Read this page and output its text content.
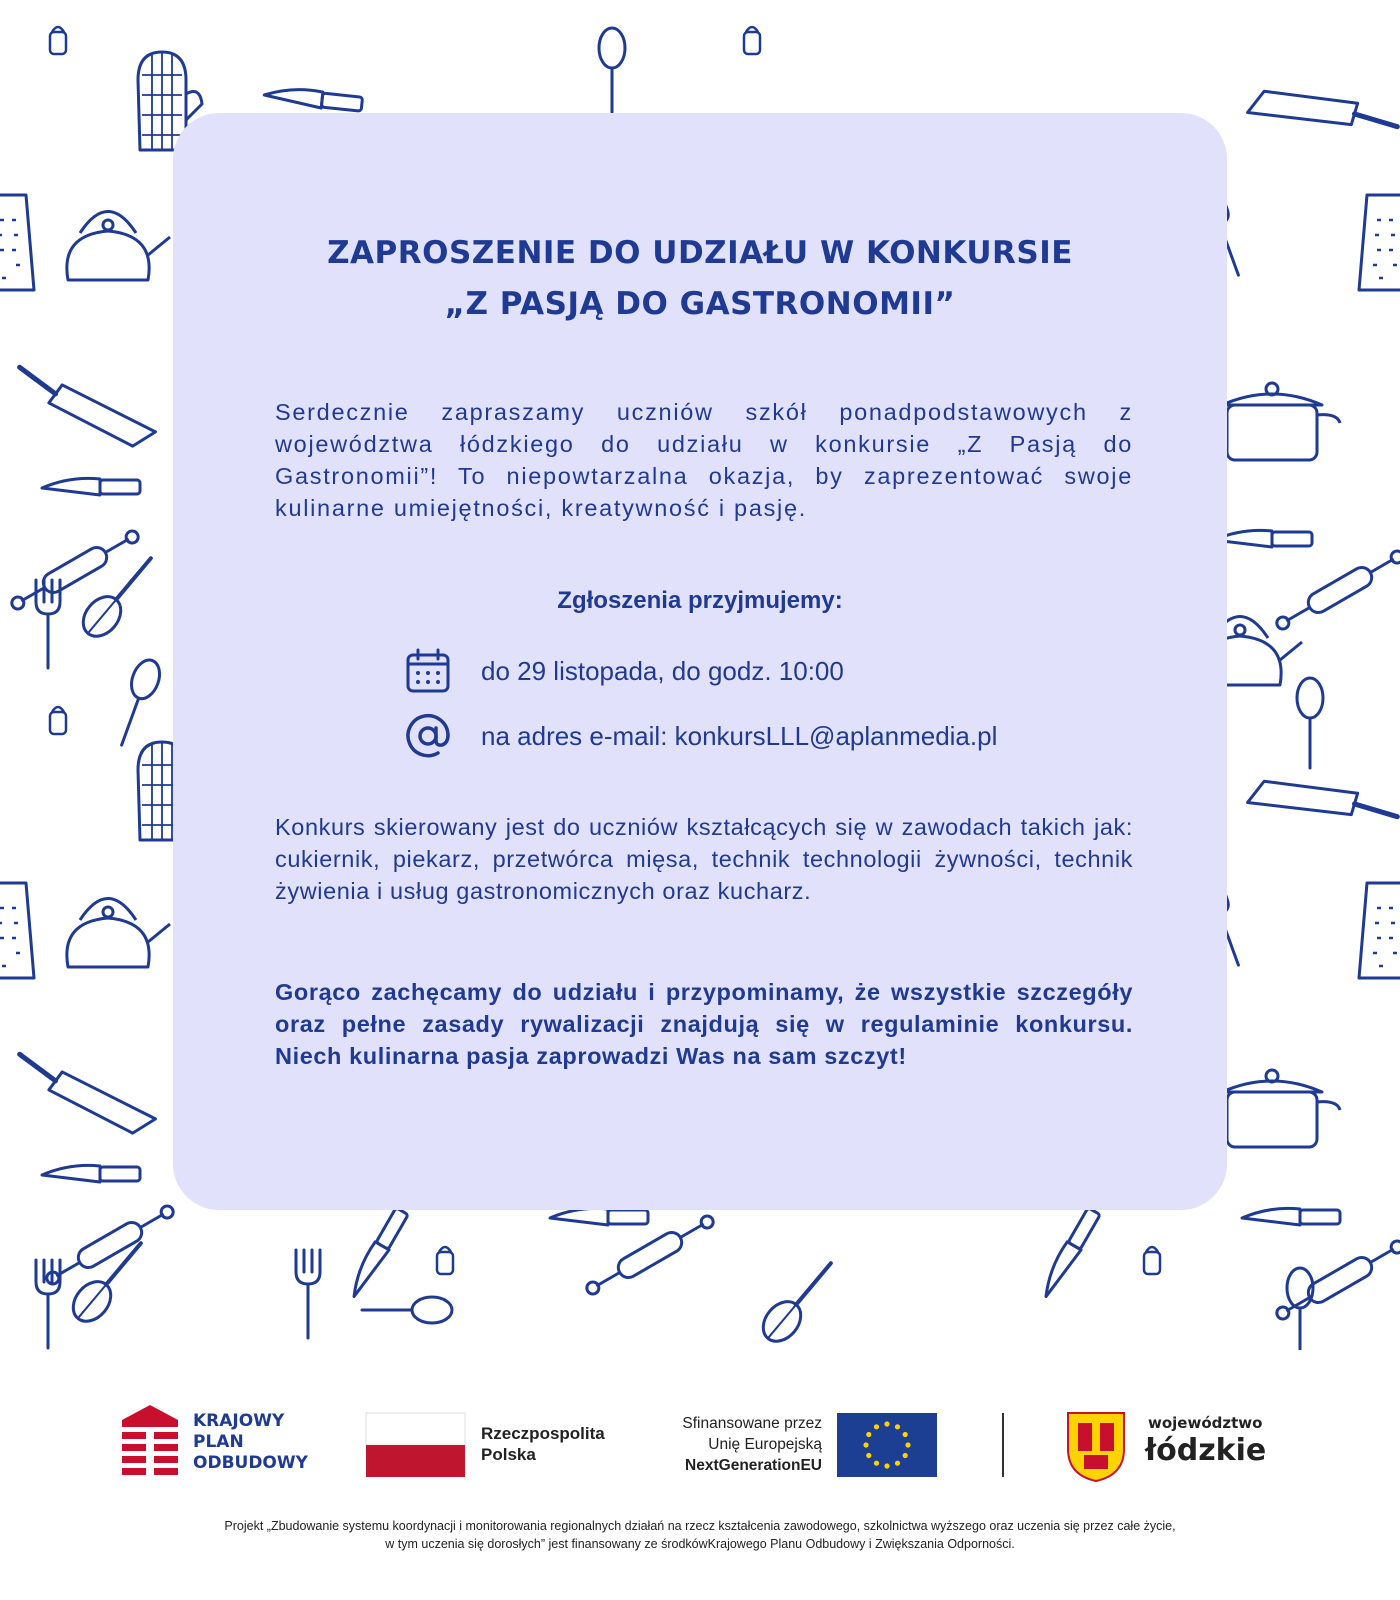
ZAPROSZENIE DO UDZIAŁU W KONKURSIE
„Z PASJĄ DO GASTRONOMII”
Serdecznie zapraszamy uczniów szkół ponadpodstawowych z województwa łódzkiego do udziału w konkursie „Z Pasją do Gastronomii”! To niepowtarzalna okazja, by zaprezentować swoje kulinarne umiejętności, kreatywność i pasję.
Zgłoszenia przyjmujemy:
do 29 listopada, do godz. 10:00
na adres e-mail: konkursLLL@aplanmedia.pl
Konkurs skierowany jest do uczniów kształcących się w zawodach takich jak: cukiernik, piekarz, przetwórca mięsa, technik technologii żywności, technik żywienia i usług gastronomicznych oraz kucharz.
Gorąco zachęcamy do udziału i przypominamy, że wszystkie szczegóły oraz pełne zasady rywalizacji znajdują się w regulaminie konkursu. Niech kulinarna pasja zaprowadzi Was na sam szczyt!
KRAJOWY
PLAN
ODBUDOWY
Rzeczpospolita
Polska
Sfinansowane przez
Unię Europejską
NextGenerationEU
województwo
łódzkie
Projekt „Zbudowanie systemu koordynacji i monitorowania regionalnych działań na rzecz kształcenia zawodowego, szkolnictwa wyższego oraz uczenia się przez całe życie,
w tym uczenia się dorosłych” jest finansowany ze środkówKrajowego Planu Odbudowy i Zwiększania Odporności.
